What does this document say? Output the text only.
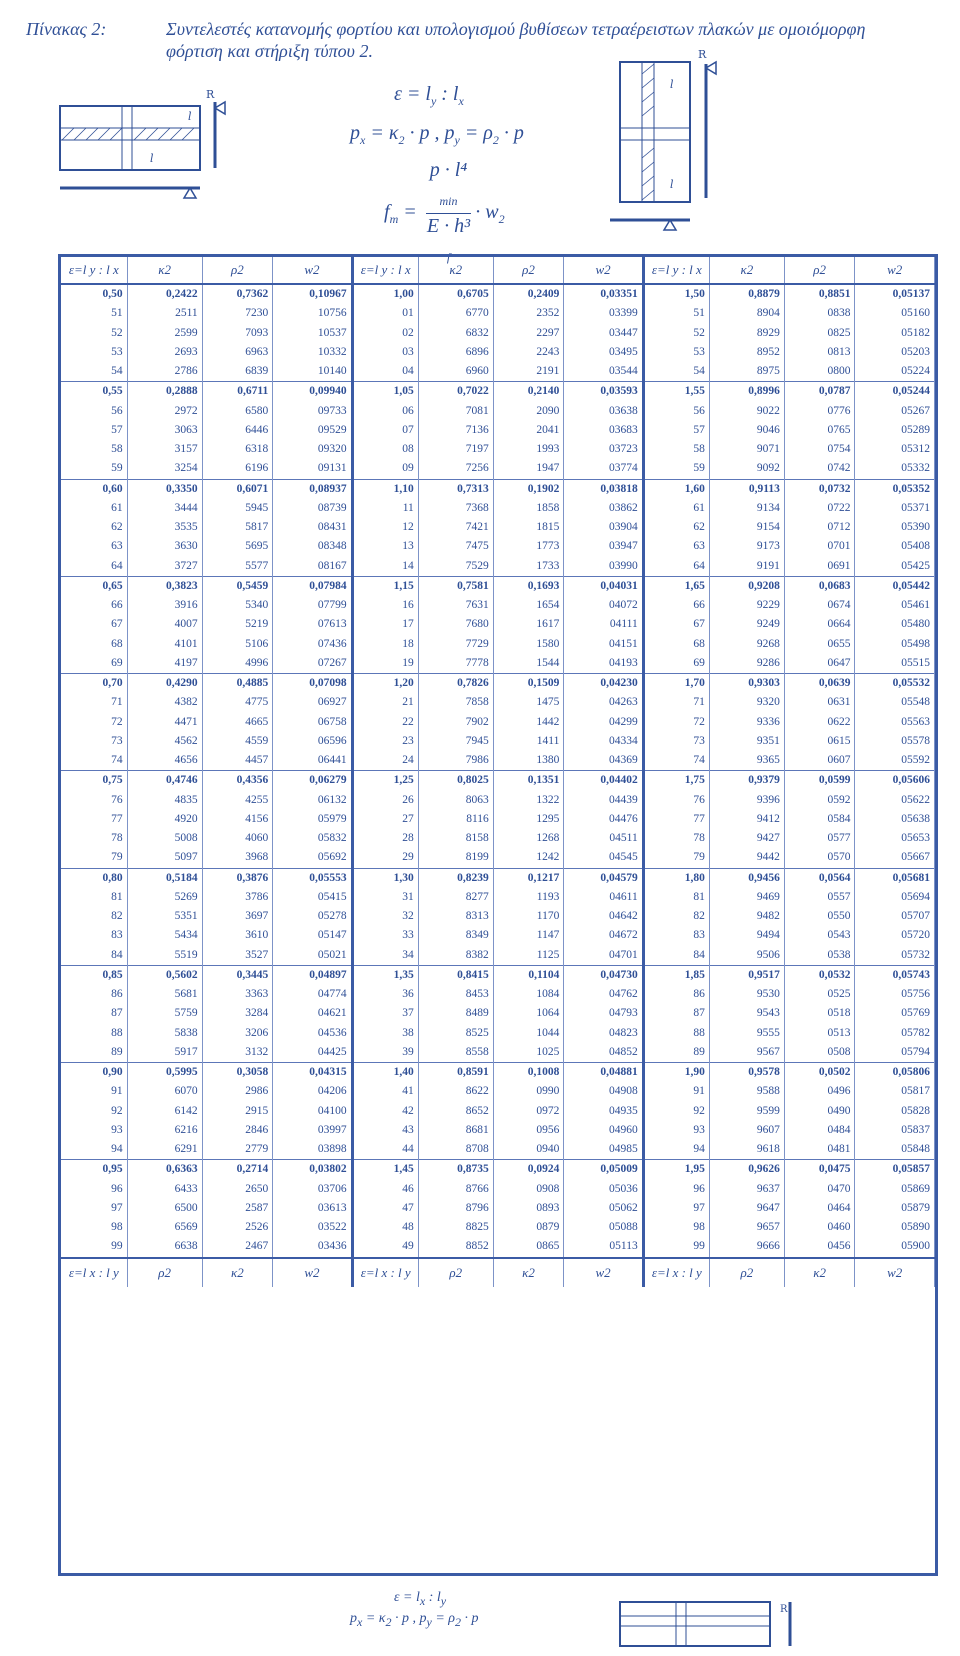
Πίνακας 2:	Συντελεστές κατανομής φορτίου και υπολογισμού βυθίσεων τετραέρειστων πλακών με ομοιόμορφη φόρτιση και στήριξη τύπου 2.
R
l
l
$\varepsilon = l_y$ : $l_x$
$p_x = \kappa_2 \cdot p$ , $p_y = \rho_2 \cdot p$
$f_m = p \cdot l^4$
$_{min}$
E · h³
$_f \cdot w_2$
l
l
R
ε=l y : l x	κ2	ρ2	w2	ε=l y : l x	κ2	ρ2	w2	ε=l y : l x	κ2	ρ2	w2
0,50	0,2422	0,7362	0,10967	1,00	0,6705	0,2409	0,03351	1,50	0,8879	0,8851	0,05137
51	2511	7230	10756	01	6770	2352	03399	51	8904	0838	05160
52	2599	7093	10537	02	6832	2297	03447	52	8929	0825	05182
53	2693	6963	10332	03	6896	2243	03495	53	8952	0813	05203
54	2786	6839	10140	04	6960	2191	03544	54	8975	0800	05224
0,55	0,2888	0,6711	0,09940	1,05	0,7022	0,2140	0,03593	1,55	0,8996	0,0787	0,05244
56	2972	6580	09733	06	7081	2090	03638	56	9022	0776	05267
57	3063	6446	09529	07	7136	2041	03683	57	9046	0765	05289
58	3157	6318	09320	08	7197	1993	03723	58	9071	0754	05312
59	3254	6196	09131	09	7256	1947	03774	59	9092	0742	05332
0,60	0,3350	0,6071	0,08937	1,10	0,7313	0,1902	0,03818	1,60	0,9113	0,0732	0,05352
61	3444	5945	08739	11	7368	1858	03862	61	9134	0722	05371
62	3535	5817	08431	12	7421	1815	03904	62	9154	0712	05390
63	3630	5695	08348	13	7475	1773	03947	63	9173	0701	05408
64	3727	5577	08167	14	7529	1733	03990	64	9191	0691	05425
0,65	0,3823	0,5459	0,07984	1,15	0,7581	0,1693	0,04031	1,65	0,9208	0,0683	0,05442
66	3916	5340	07799	16	7631	1654	04072	66	9229	0674	05461
67	4007	5219	07613	17	7680	1617	04111	67	9249	0664	05480
68	4101	5106	07436	18	7729	1580	04151	68	9268	0655	05498
69	4197	4996	07267	19	7778	1544	04193	69	9286	0647	05515
0,70	0,4290	0,4885	0,07098	1,20	0,7826	0,1509	0,04230	1,70	0,9303	0,0639	0,05532
71	4382	4775	06927	21	7858	1475	04263	71	9320	0631	05548
72	4471	4665	06758	22	7902	1442	04299	72	9336	0622	05563
73	4562	4559	06596	23	7945	1411	04334	73	9351	0615	05578
74	4656	4457	06441	24	7986	1380	04369	74	9365	0607	05592
0,75	0,4746	0,4356	0,06279	1,25	0,8025	0,1351	0,04402	1,75	0,9379	0,0599	0,05606
76	4835	4255	06132	26	8063	1322	04439	76	9396	0592	05622
77	4920	4156	05979	27	8116	1295	04476	77	9412	0584	05638
78	5008	4060	05832	28	8158	1268	04511	78	9427	0577	05653
79	5097	3968	05692	29	8199	1242	04545	79	9442	0570	05667
0,80	0,5184	0,3876	0,05553	1,30	0,8239	0,1217	0,04579	1,80	0,9456	0,0564	0,05681
81	5269	3786	05415	31	8277	1193	04611	81	9469	0557	05694
82	5351	3697	05278	32	8313	1170	04642	82	9482	0550	05707
83	5434	3610	05147	33	8349	1147	04672	83	9494	0543	05720
84	5519	3527	05021	34	8382	1125	04701	84	9506	0538	05732
0,85	0,5602	0,3445	0,04897	1,35	0,8415	0,1104	0,04730	1,85	0,9517	0,0532	0,05743
86	5681	3363	04774	36	8453	1084	04762	86	9530	0525	05756
87	5759	3284	04621	37	8489	1064	04793	87	9543	0518	05769
88	5838	3206	04536	38	8525	1044	04823	88	9555	0513	05782
89	5917	3132	04425	39	8558	1025	04852	89	9567	0508	05794
0,90	0,5995	0,3058	0,04315	1,40	0,8591	0,1008	0,04881	1,90	0,9578	0,0502	0,05806
91	6070	2986	04206	41	8622	0990	04908	91	9588	0496	05817
92	6142	2915	04100	42	8652	0972	04935	92	9599	0490	05828
93	6216	2846	03997	43	8681	0956	04960	93	9607	0484	05837
94	6291	2779	03898	44	8708	0940	04985	94	9618	0481	05848
0,95	0,6363	0,2714	0,03802	1,45	0,8735	0,0924	0,05009	1,95	0,9626	0,0475	0,05857
96	6433	2650	03706	46	8766	0908	05036	96	9637	0470	05869
97	6500	2587	03613	47	8796	0893	05062	97	9647	0464	05879
98	6569	2526	03522	48	8825	0879	05088	98	9657	0460	05890
99	6638	2467	03436	49	8852	0865	05113	99	9666	0456	05900
ε=l x : l y	ρ2	κ2	w2	ε=l x : l y	ρ2	κ2	w2	ε=l x : l y	ρ2	κ2	w2
$\varepsilon = l_x$ : $l_y$
$p_x = \kappa_2 \cdot p$ , $p_y = \rho_2 \cdot p$
R
